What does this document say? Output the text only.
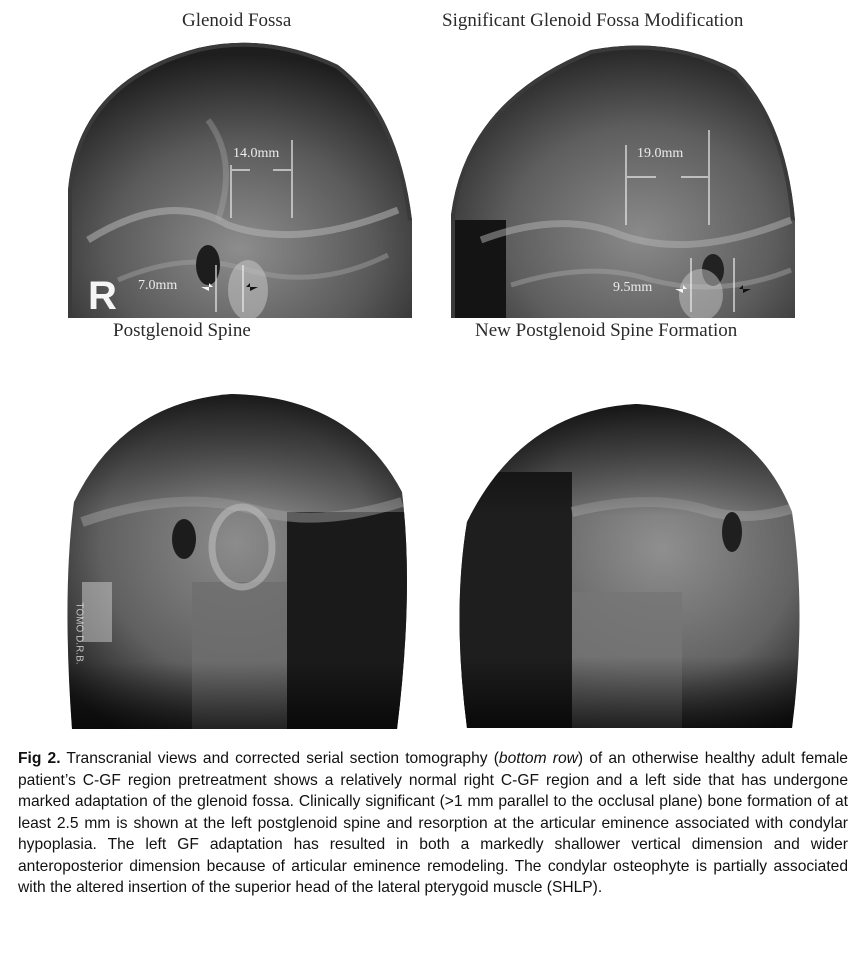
Glenoid Fossa
Postglenoid Spine
Significant Glenoid Fossa Modification
New Postglenoid Spine Formation
14.0mm
7.0mm
R
19.0mm
9.5mm
TOMO D.R.B.
Fig 2. Transcranial views and corrected serial section tomography (bottom row) of an otherwise healthy adult female patient’s C-GF region pretreatment shows a relatively normal right C-GF region and a left side that has undergone marked adaptation of the glenoid fossa. Clinically significant (>1 mm parallel to the occlusal plane) bone formation of at least 2.5 mm is shown at the left postglenoid spine and resorption at the articular eminence associated with condylar hypoplasia. The left GF adaptation has resulted in both a markedly shallower vertical dimension and wider anteroposterior dimension because of articular eminence remodeling. The condylar osteophyte is partially associated with the altered insertion of the superior head of the lateral pterygoid muscle (SHLP).
